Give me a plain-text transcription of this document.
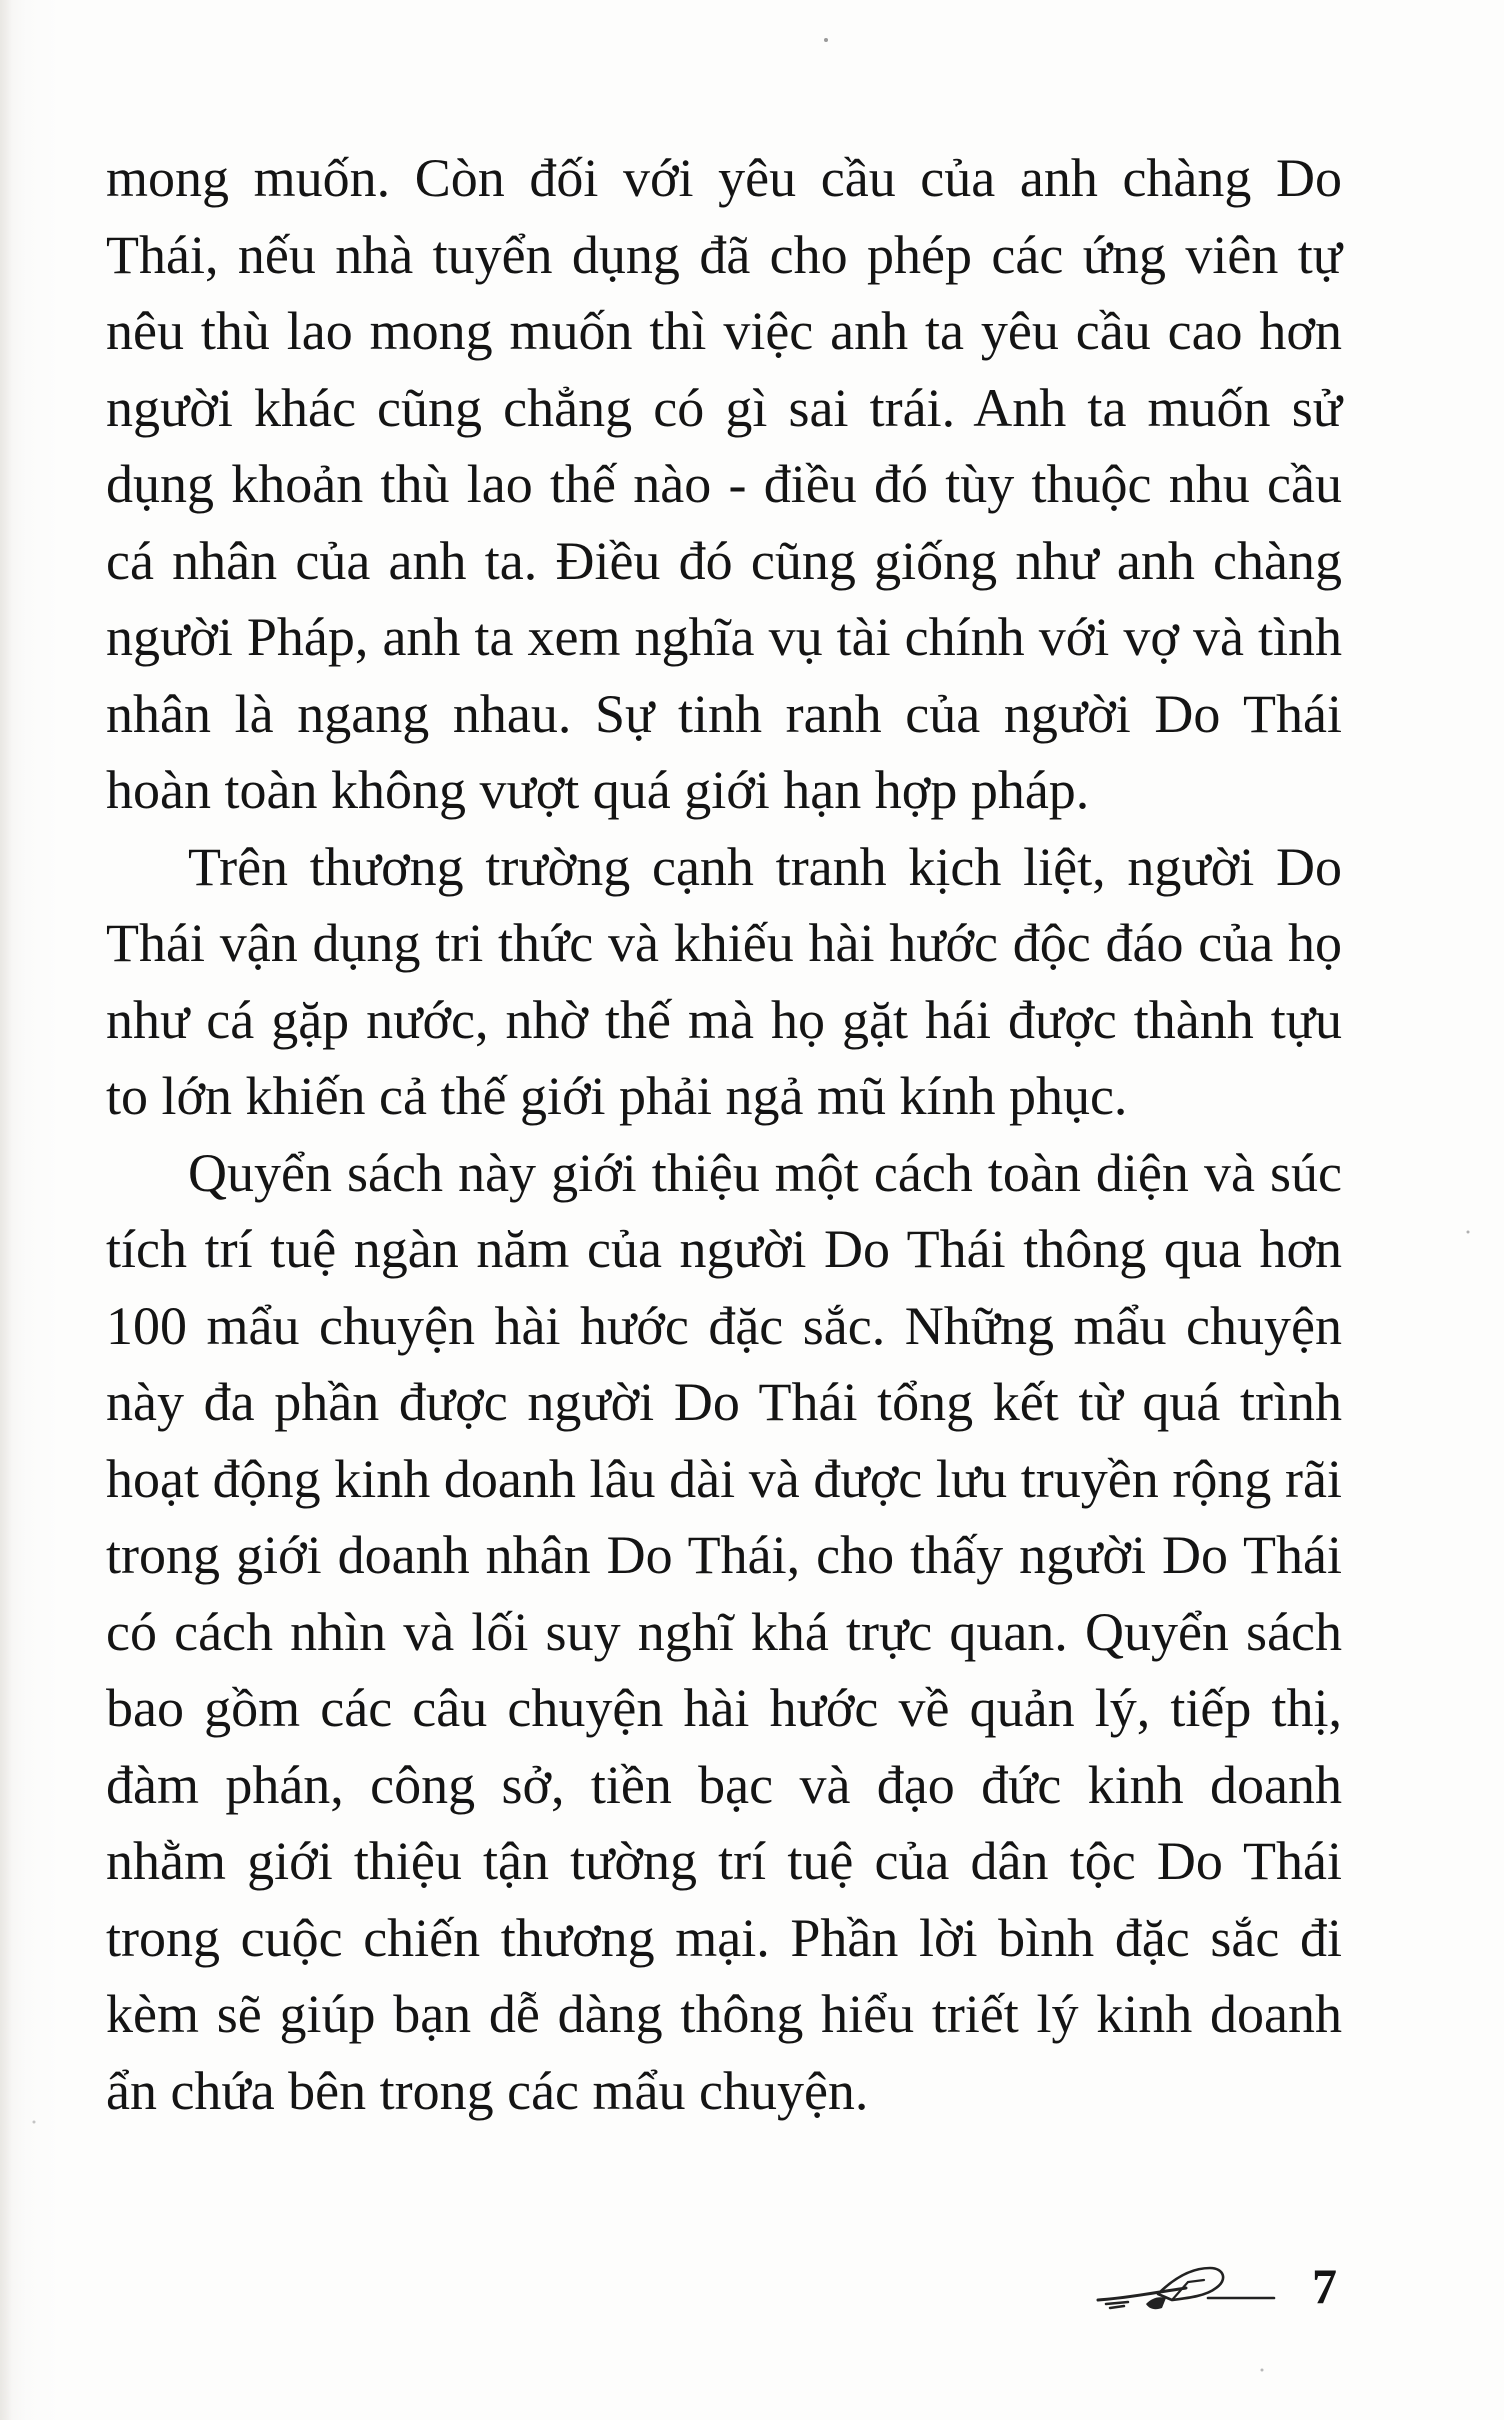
mong muốn. Còn đối với yêu cầu của anh chàng Do Thái, nếu nhà tuyển dụng đã cho phép các ứng viên tự nêu thù lao mong muốn thì việc anh ta yêu cầu cao hơn người khác cũng chẳng có gì sai trái. Anh ta muốn sử dụng khoản thù lao thế nào - điều đó tùy thuộc nhu cầu cá nhân của anh ta. Điều đó cũng giống như anh chàng người Pháp, anh ta xem nghĩa vụ tài chính với vợ và tình nhân là ngang nhau. Sự tinh ranh của người Do Thái hoàn toàn không vượt quá giới hạn hợp pháp.

Trên thương trường cạnh tranh kịch liệt, người Do Thái vận dụng tri thức và khiếu hài hước độc đáo của họ như cá gặp nước, nhờ thế mà họ gặt hái được thành tựu to lớn khiến cả thế giới phải ngả mũ kính phục.

Quyển sách này giới thiệu một cách toàn diện và súc tích trí tuệ ngàn năm của người Do Thái thông qua hơn 100 mẩu chuyện hài hước đặc sắc. Những mẩu chuyện này đa phần được người Do Thái tổng kết từ quá trình hoạt động kinh doanh lâu dài và được lưu truyền rộng rãi trong giới doanh nhân Do Thái, cho thấy người Do Thái có cách nhìn và lối suy nghĩ khá trực quan. Quyển sách bao gồm các câu chuyện hài hước về quản lý, tiếp thị, đàm phán, công sở, tiền bạc và đạo đức kinh doanh nhằm giới thiệu tận tường trí tuệ của dân tộc Do Thái trong cuộc chiến thương mại. Phần lời bình đặc sắc đi kèm sẽ giúp bạn dễ dàng thông hiểu triết lý kinh doanh ẩn chứa bên trong các mẩu chuyện.

7
